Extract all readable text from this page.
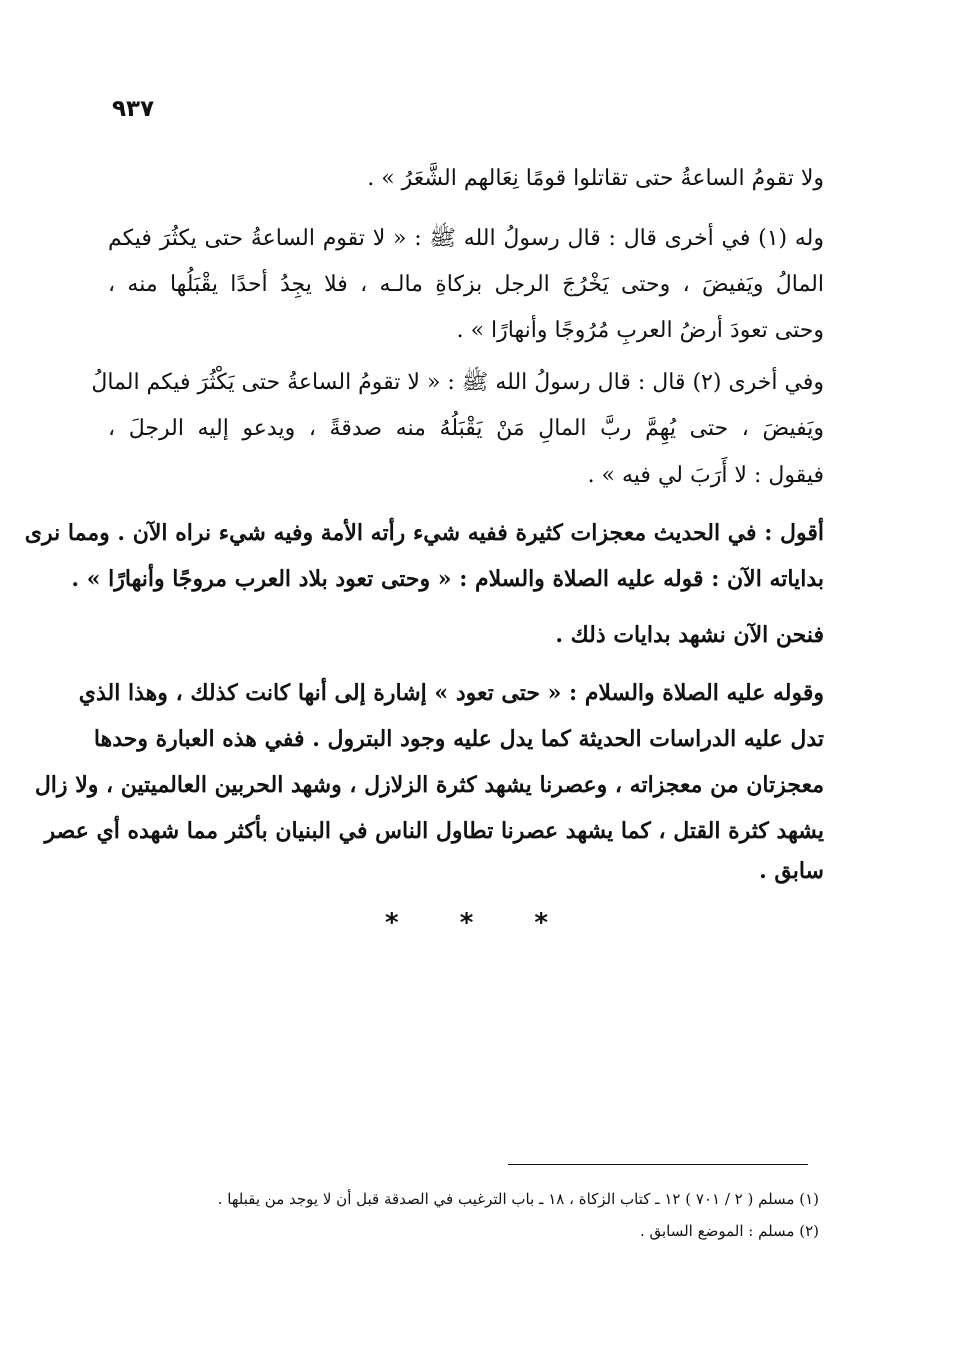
٩٣٧
ولا تقومُ الساعةُ حتى تقاتلوا قومًا نِعَالهم الشَّعَرُ » .
وله (١) في أخرى قال : قال رسولُ الله ﷺ : « لا تقوم الساعةُ حتى يكثُرَ فيكم
المالُ ويَفيضَ ، وحتى يَخْرُجَ الرجل بزكاةِ مالـه ، فلا يجِدُ أحدًا يقْبَلُها منه ،
وحتى تعودَ أرضُ العربِ مُرُوجًا وأنهارًا » .
وفي أخرى (٢) قال : قال رسولُ الله ﷺ : « لا تقومُ الساعةُ حتى يَكْثُرَ فيكم المالُ
ويَفيضَ ، حتى يُهِمَّ ربَّ المالِ مَنْ يَقْبَلُهُ منه صدقةً ، ويدعو إليه الرجلَ ،
فيقول : لا أَرَبَ لي فيه » .
أقول : في الحديث معجزات كثيرة ففيه شيء رأته الأمة وفيه شيء نراه الآن . ومما نرى
بداياته الآن : قوله عليه الصلاة والسلام : « وحتى تعود بلاد العرب مروجًا وأنهارًا » .
فنحن الآن نشهد بدايات ذلك .
وقوله عليه الصلاة والسلام : « حتى تعود » إشارة إلى أنها كانت كذلك ، وهذا الذي
تدل عليه الدراسات الحديثة كما يدل عليه وجود البترول . ففي هذه العبارة وحدها
معجزتان من معجزاته ، وعصرنا يشهد كثرة الزلازل ، وشهد الحربين العالميتين ، ولا زال
يشهد كثرة القتل ، كما يشهد عصرنا تطاول الناس في البنيان بأكثر مما شهده أي عصر
سابق .
* * *
(١) مسلم ( ٢ / ٧٠١ ) ١٢ ـ كتاب الزكاة ، ١٨ ـ باب الترغيب في الصدقة قبل أن لا يوجد من يقبلها .
(٢) مسلم : الموضع السابق .
